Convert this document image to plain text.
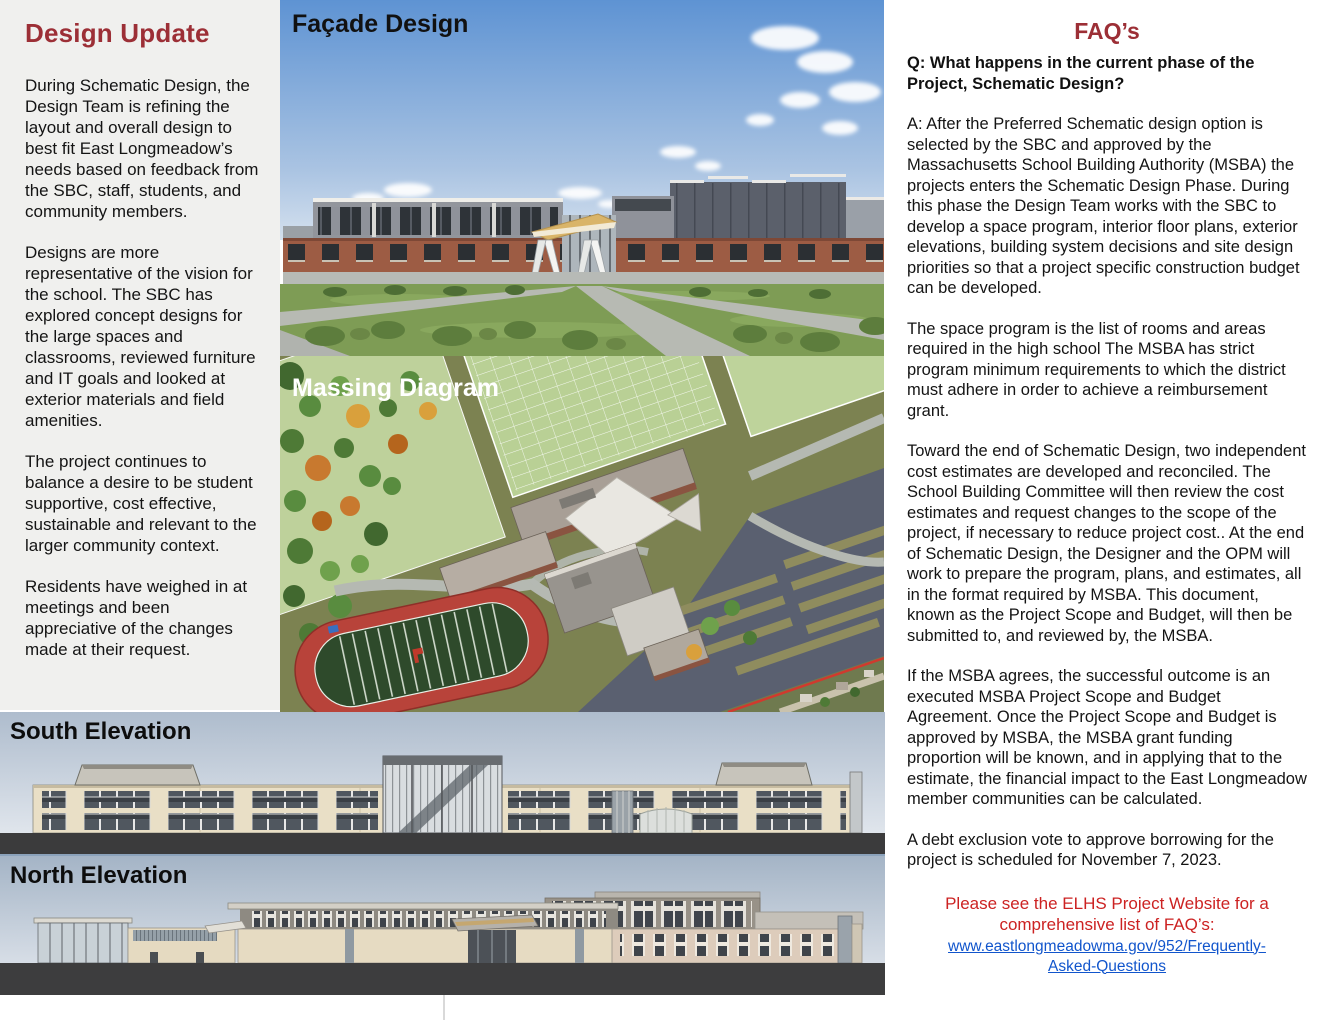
Design Update

During Schematic Design, the Design Team is refining the layout and overall design to best fit East Longmeadow’s needs based on feedback from the SBC, staff, students, and community members.

Designs are more representative of the vision for the school. The SBC has explored concept designs for the large spaces and classrooms, reviewed furniture and IT goals and looked at exterior materials and field amenities.

The project continues to balance a desire to be student supportive, cost effective, sustainable and relevant to the larger community context.

Residents have weighed in at meetings and been appreciative of the changes made at their request.

Façade Design
Massing Diagram
South Elevation
North Elevation
FAQ’s

Q: What happens in the current phase of the Project, Schematic Design?

A: After the Preferred Schematic design option is selected by the SBC and approved by the Massachusetts School Building Authority (MSBA) the projects enters the Schematic Design Phase. During this phase the Design Team works with the SBC to develop a space program, interior floor plans, exterior elevations, building system decisions and site design priorities so that a project specific construction budget can be developed.

The space program is the list of rooms and areas required in the high school The MSBA has strict program minimum requirements to which the district must adhere in order to achieve a reimbursement grant.

Toward the end of Schematic Design, two independent cost estimates are developed and reconciled. The School Building Committee will then review the cost estimates and request changes to the scope of the project, if necessary to reduce project cost.. At the end of Schematic Design, the Designer and the OPM will work to prepare the program, plans, and estimates, all in the format required by MSBA. This document, known as the Project Scope and Budget, will then be submitted to, and reviewed by, the MSBA.

If the MSBA agrees, the successful outcome is an executed MSBA Project Scope and Budget Agreement. Once the Project Scope and Budget is approved by MSBA, the MSBA grant funding proportion will be known, and in applying that to the estimate, the financial impact to the East Longmeadow member communities can be calculated.

A debt exclusion vote to approve borrowing for the project is scheduled for November 7, 2023.

Please see the ELHS Project Website for a comprehensive list of FAQ’s:
www.eastlongmeadowma.gov/952/Frequently-Asked-Questions
